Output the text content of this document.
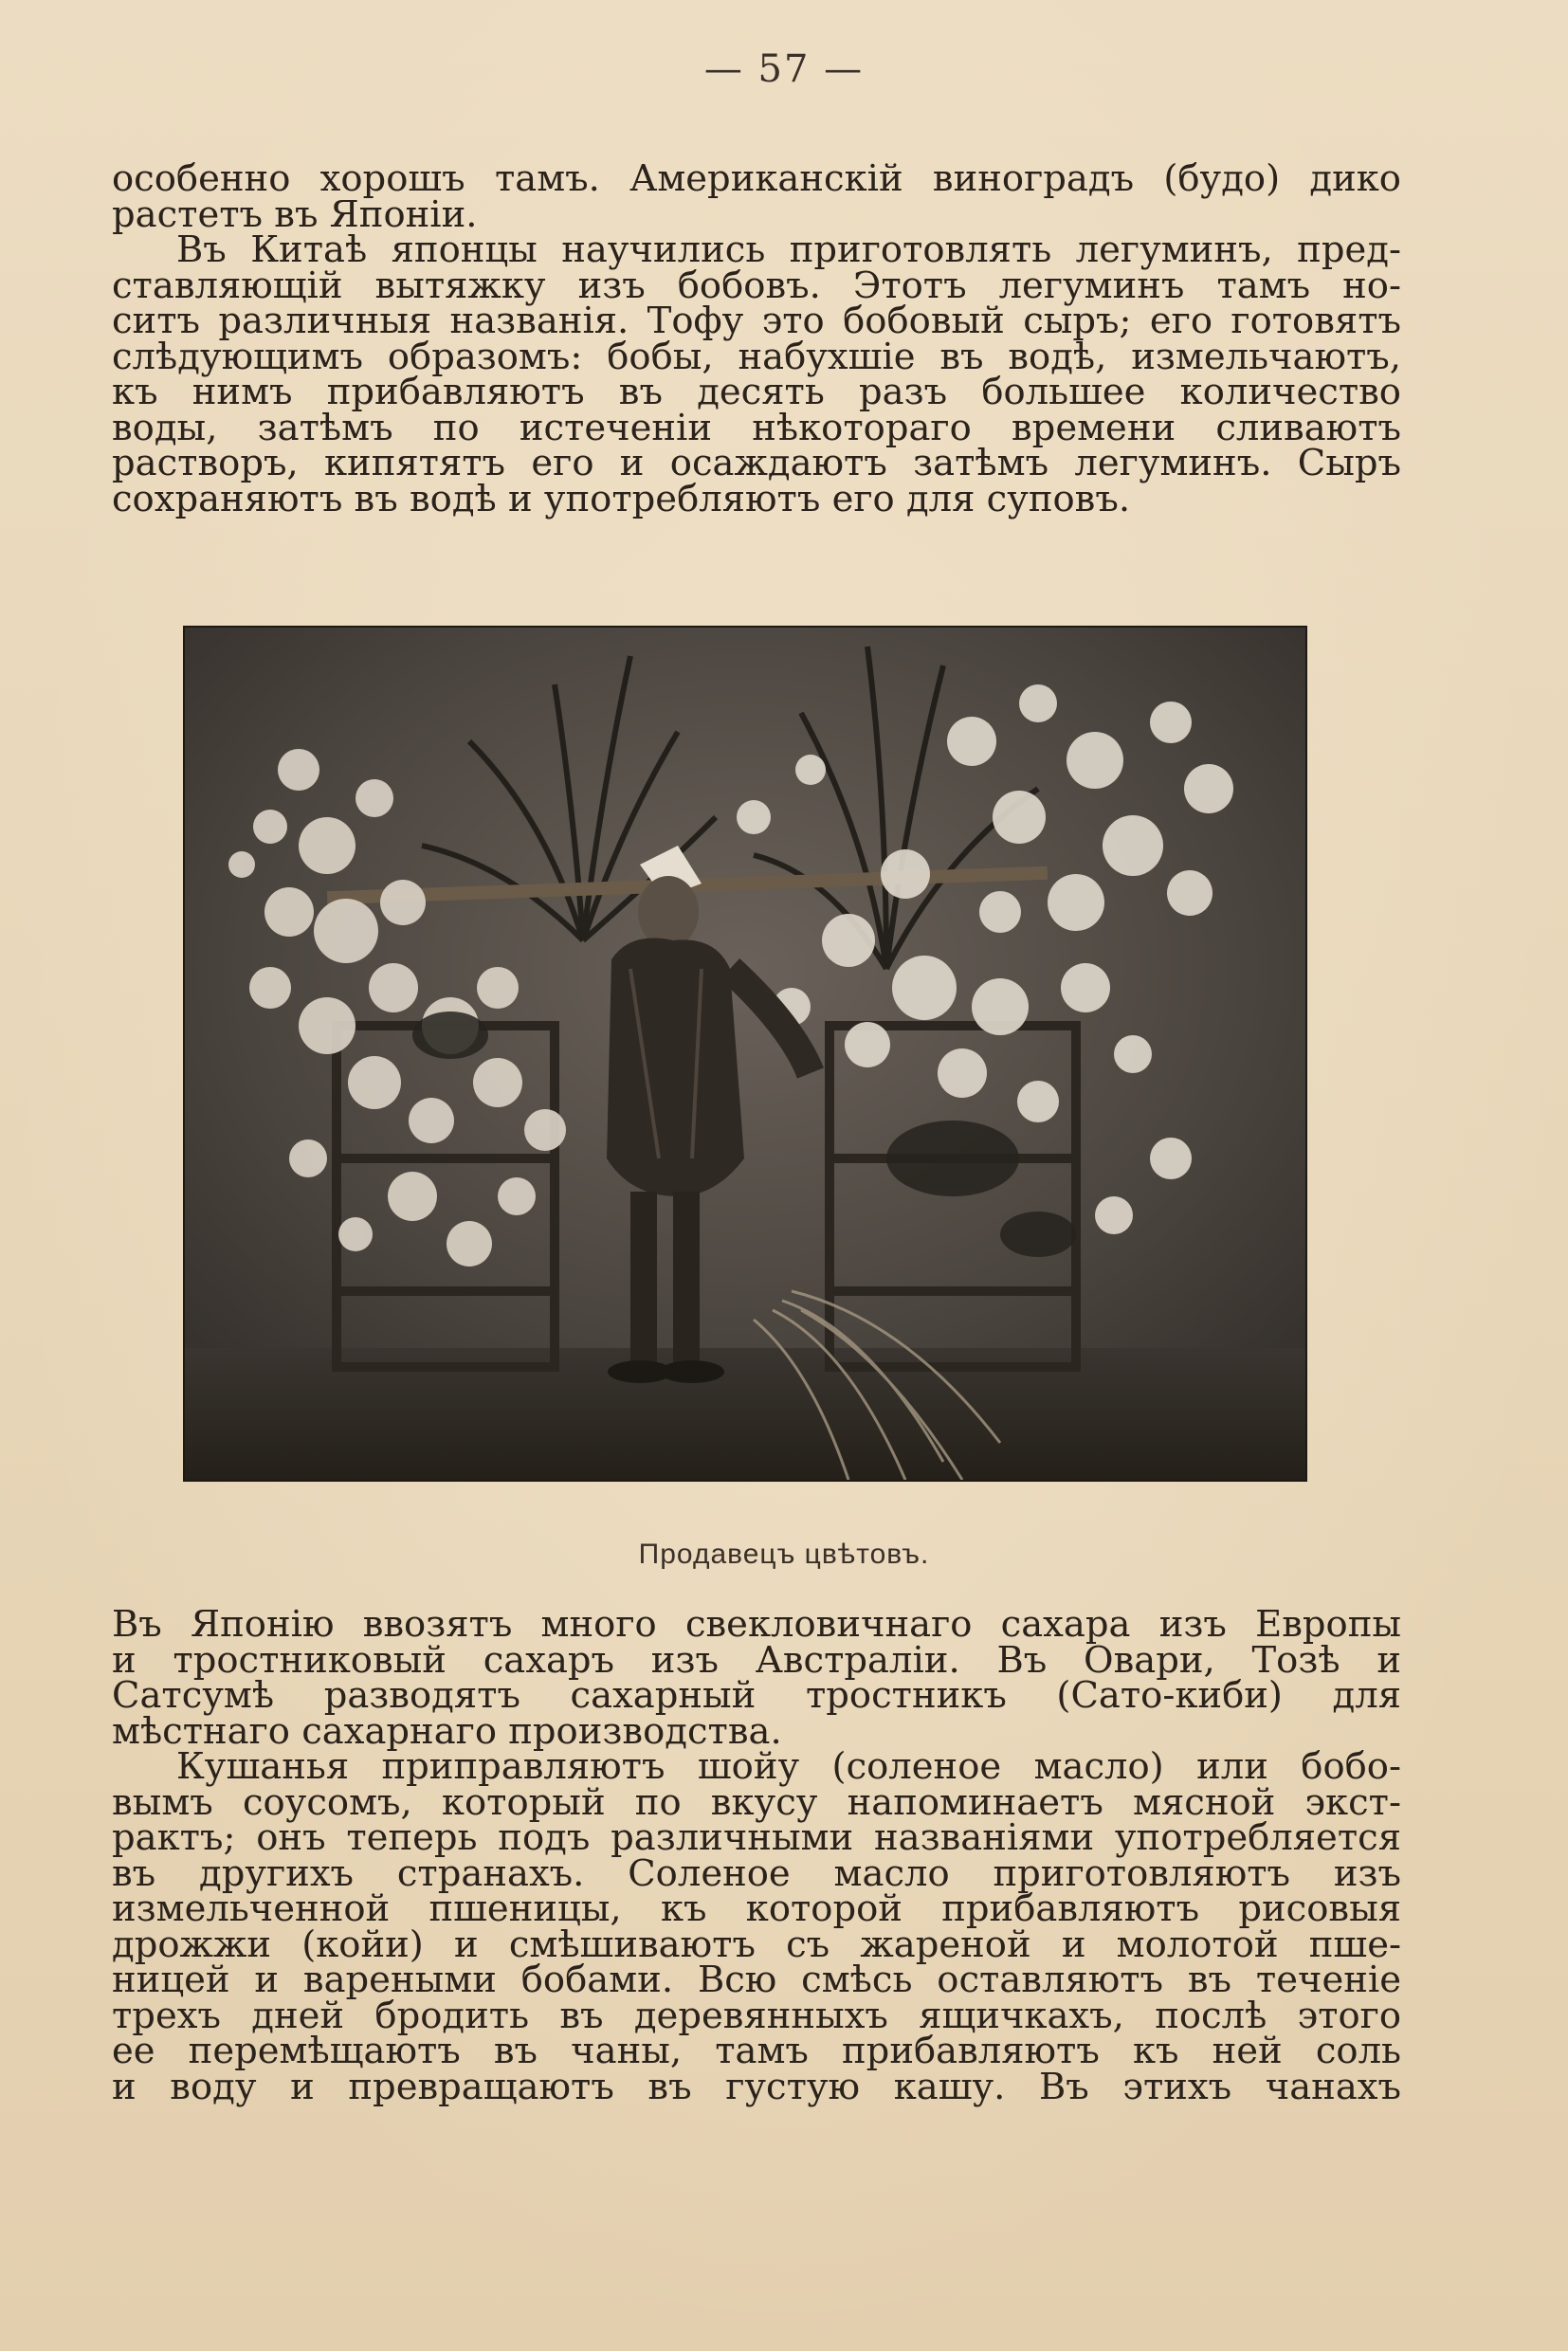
— 57 —
особенно хорошъ тамъ. Американскій виноградъ (будо) дико
растетъ въ Японіи.
Въ Китаѣ японцы научились приготовлять легуминъ, пред-
ставляющій вытяжку изъ бобовъ. Этотъ легуминъ тамъ но-
ситъ различныя названія. Тофу это бобовый сыръ; его готовятъ
слѣдующимъ образомъ: бобы, набухшіе въ водѣ, измельчаютъ,
къ нимъ прибавляютъ въ десять разъ большее количество
воды, затѣмъ по истеченіи нѣкотораго времени сливаютъ
растворъ, кипятятъ его и осаждаютъ затѣмъ легуминъ. Сыръ
сохраняютъ въ водѣ и употребляютъ его для суповъ.
Продавецъ цвѣтовъ.
Въ Японію ввозятъ много свекловичнаго сахара изъ Европы
и тростниковый сахаръ изъ Австраліи. Въ Овари, Тозѣ и
Сатсумѣ разводятъ сахарный тростникъ (Сато-киби) для
мѣстнаго сахарнаго производства.
Кушанья приправляютъ шойу (соленое масло) или бобо-
вымъ соусомъ, который по вкусу напоминаетъ мясной экст-
рактъ; онъ теперь подъ различными названіями употребляется
въ другихъ странахъ. Соленое масло приготовляютъ изъ
измельченной пшеницы, къ которой прибавляютъ рисовыя
дрожжи (койи) и смѣшиваютъ съ жареной и молотой пше-
ницей и вареными бобами. Всю смѣсь оставляютъ въ теченіе
трехъ дней бродить въ деревянныхъ ящичкахъ, послѣ этого
ее перемѣщаютъ въ чаны, тамъ прибавляютъ къ ней соль
и воду и превращаютъ въ густую кашу. Въ этихъ чанахъ
